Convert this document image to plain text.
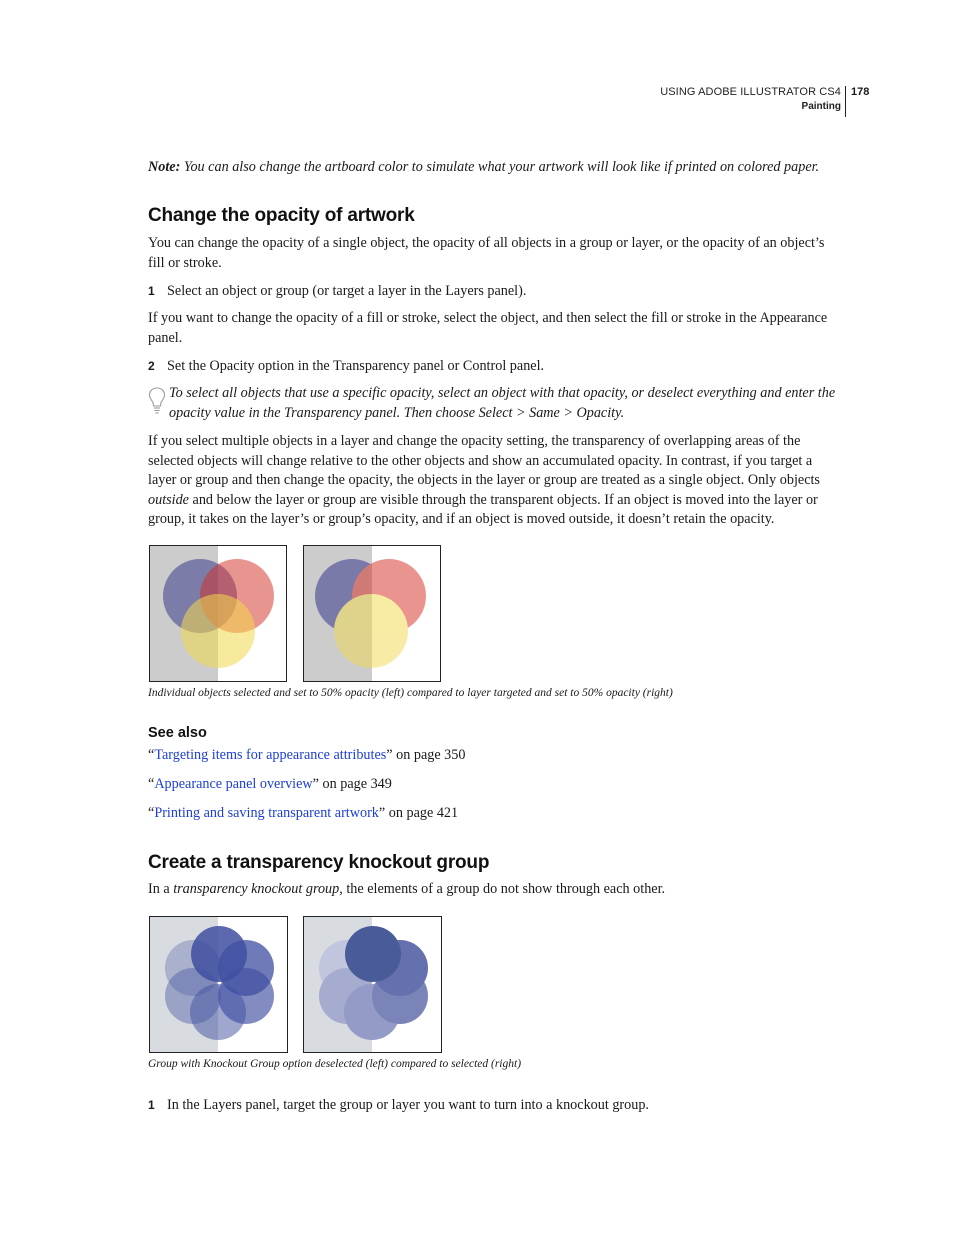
USING ADOBE ILLUSTRATOR CS4
Painting
178
Note: You can also change the artboard color to simulate what your artwork will look like if printed on colored paper.
Change the opacity of artwork
You can change the opacity of a single object, the opacity of all objects in a group or layer, or the opacity of an object’s fill or stroke.
1 Select an object or group (or target a layer in the Layers panel).
If you want to change the opacity of a fill or stroke, select the object, and then select the fill or stroke in the Appearance panel.
2 Set the Opacity option in the Transparency panel or Control panel.
To select all objects that use a specific opacity, select an object with that opacity, or deselect everything and enter the opacity value in the Transparency panel. Then choose Select > Same > Opacity.
If you select multiple objects in a layer and change the opacity setting, the transparency of overlapping areas of the selected objects will change relative to the other objects and show an accumulated opacity. In contrast, if you target a layer or group and then change the opacity, the objects in the layer or group are treated as a single object. Only objects outside and below the layer or group are visible through the transparent objects. If an object is moved into the layer or group, it takes on the layer’s or group’s opacity, and if an object is moved outside, it doesn’t retain the opacity.
Individual objects selected and set to 50% opacity (left) compared to layer targeted and set to 50% opacity (right)
See also
“Targeting items for appearance attributes” on page 350
“Appearance panel overview” on page 349
“Printing and saving transparent artwork” on page 421
Create a transparency knockout group
In a transparency knockout group, the elements of a group do not show through each other.
Group with Knockout Group option deselected (left) compared to selected (right)
1 In the Layers panel, target the group or layer you want to turn into a knockout group.
